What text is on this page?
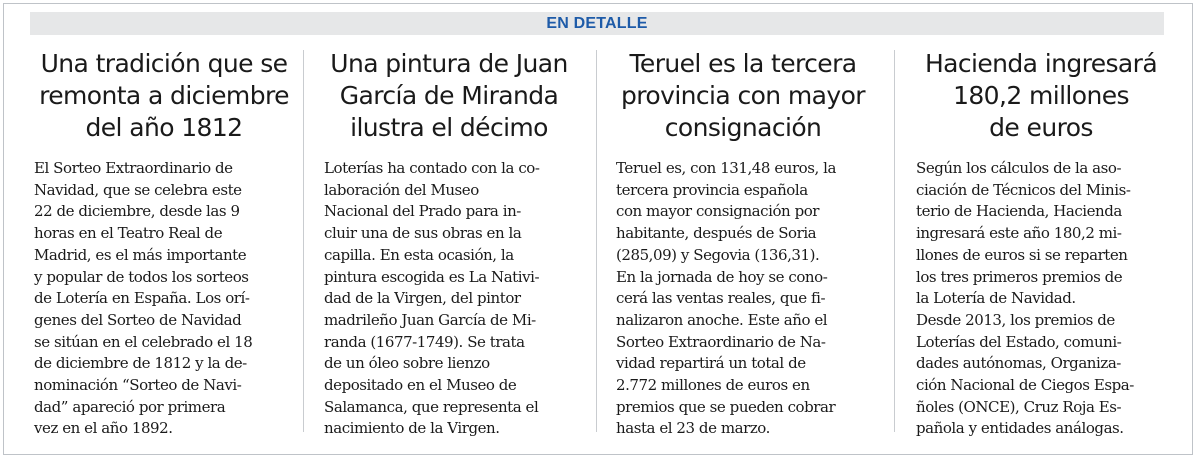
EN DETALLE
Una tradición que se
remonta a diciembre
del año 1812

El Sorteo Extraordinario de
Navidad, que se celebra este
22 de diciembre, desde las 9
horas en el Teatro Real de
Madrid, es el más importante
y popular de todos los sorteos
de Lotería en España. Los orí-
genes del Sorteo de Navidad
se sitúan en el celebrado el 18
de diciembre de 1812 y la de-
nominación “Sorteo de Navi-
dad” apareció por primera
vez en el año 1892.

Una pintura de Juan
García de Miranda
ilustra el décimo

Loterías ha contado con la co-
laboración del Museo
Nacional del Prado para in-
cluir una de sus obras en la
capilla. En esta ocasión, la
pintura escogida es La Nativi-
dad de la Virgen, del pintor
madrileño Juan García de Mi-
randa (1677-1749). Se trata
de un óleo sobre lienzo
depositado en el Museo de
Salamanca, que representa el
nacimiento de la Virgen.

Teruel es la tercera
provincia con mayor
consignación

Teruel es, con 131,48 euros, la
tercera provincia española
con mayor consignación por
habitante, después de Soria
(285,09) y Segovia (136,31).
En la jornada de hoy se cono-
cerá las ventas reales, que fi-
nalizaron anoche. Este año el
Sorteo Extraordinario de Na-
vidad repartirá un total de
2.772 millones de euros en
premios que se pueden cobrar
hasta el 23 de marzo.

Hacienda ingresará
180,2 millones
de euros

Según los cálculos de la aso-
ciación de Técnicos del Minis-
terio de Hacienda, Hacienda
ingresará este año 180,2 mi-
llones de euros si se reparten
los tres primeros premios de
la Lotería de Navidad.
Desde 2013, los premios de
Loterías del Estado, comuni-
dades autónomas, Organiza-
ción Nacional de Ciegos Espa-
ñoles (ONCE), Cruz Roja Es-
pañola y entidades análogas.
